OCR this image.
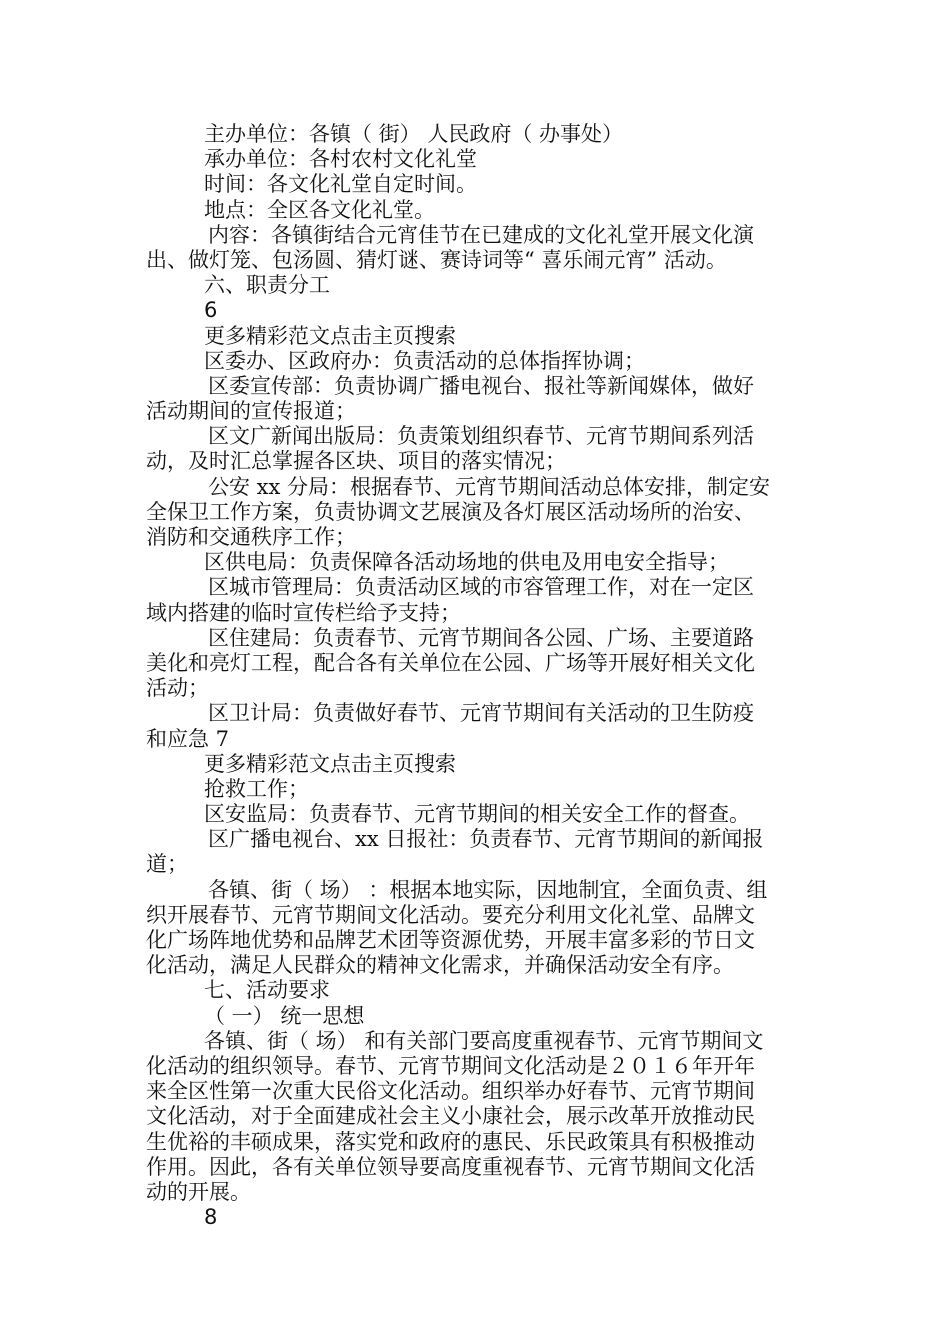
主办单位：各镇（ 街） 人民政府（ 办事处）
承办单位：各村农村文化礼堂
时间：各文化礼堂自定时间。
地点：全区各文化礼堂。
内容：各镇街结合元宵佳节在已建成的文化礼堂开展文化演
出、做灯笼、包汤圆、猜灯谜、赛诗词等“ 喜乐闹元宵” 活动。
六、职责分工
6
更多精彩范文点击主页搜索
区委办、区政府办：负责活动的总体指挥协调；
区委宣传部：负责协调广播电视台、报社等新闻媒体，做好
活动期间的宣传报道；
区文广新闻出版局：负责策划组织春节、元宵节期间系列活
动，及时汇总掌握各区块、项目的落实情况；
公安 xx 分局：根据春节、元宵节期间活动总体安排，制定安
全保卫工作方案，负责协调文艺展演及各灯展区活动场所的治安、
消防和交通秩序工作；
区供电局：负责保障各活动场地的供电及用电安全指导；
区城市管理局：负责活动区域的市容管理工作，对在一定区
域内搭建的临时宣传栏给予支持；
区住建局：负责春节、元宵节期间各公园、广场、主要道路
美化和亮灯工程，配合各有关单位在公园、广场等开展好相关文化
活动；
区卫计局：负责做好春节、元宵节期间有关活动的卫生防疫
和应急 7
更多精彩范文点击主页搜索
抢救工作；
区安监局：负责春节、元宵节期间的相关安全工作的督查。
区广播电视台、xx 日报社：负责春节、元宵节期间的新闻报
道；
各镇、街（ 场） ：根据本地实际，因地制宜，全面负责、组
织开展春节、元宵节期间文化活动。要充分利用文化礼堂、品牌文
化广场阵地优势和品牌艺术团等资源优势，开展丰富多彩的节日文
化活动，满足人民群众的精神文化需求，并确保活动安全有序。
七、活动要求
（ 一） 统一思想
各镇、街（ 场） 和有关部门要高度重视春节、元宵节期间文
化活动的组织领导。春节、元宵节期间文化活动是２０１６年开年
来全区性第一次重大民俗文化活动。组织举办好春节、元宵节期间
文化活动，对于全面建成社会主义小康社会，展示改革开放推动民
生优裕的丰硕成果，落实党和政府的惠民、乐民政策具有积极推动
作用。因此，各有关单位领导要高度重视春节、元宵节期间文化活
动的开展。
8
